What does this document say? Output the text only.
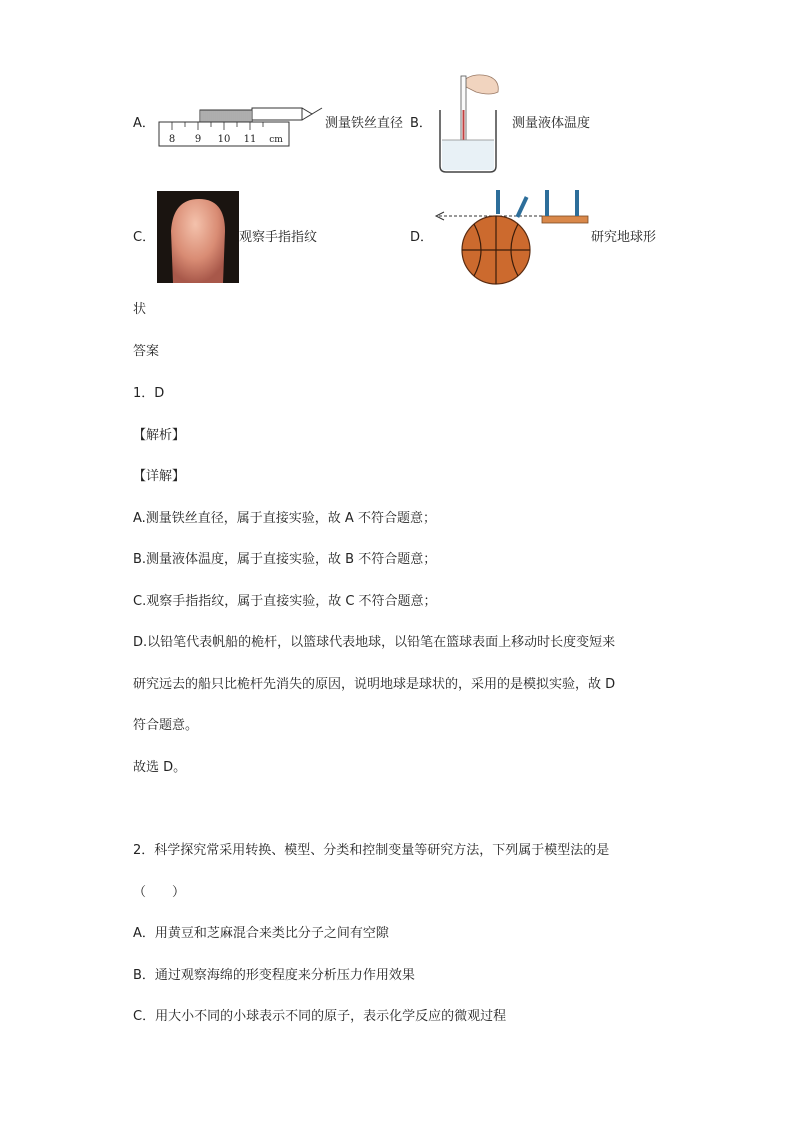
A．
8 9 10 11 cm
测量铁丝直径 B．	测量液体温度
C．	观察手指指纹	D．	研究地球形
状
答案
1．D
【解析】
【详解】
A.测量铁丝直径，属于直接实验，故 A 不符合题意；
B.测量液体温度，属于直接实验，故 B 不符合题意；
C.观察手指指纹，属于直接实验，故 C 不符合题意；
D.以铅笔代表帆船的桅杆，以篮球代表地球，以铅笔在篮球表面上移动时长度变短来
研究远去的船只比桅杆先消失的原因，说明地球是球状的，采用的是模拟实验，故 D
符合题意。
故选 D。
2．科学探究常采用转换、模型、分类和控制变量等研究方法，下列属于模型法的是
（　　）
A．用黄豆和芝麻混合来类比分子之间有空隙
B．通过观察海绵的形变程度来分析压力作用效果
C．用大小不同的小球表示不同的原子，表示化学反应的微观过程
